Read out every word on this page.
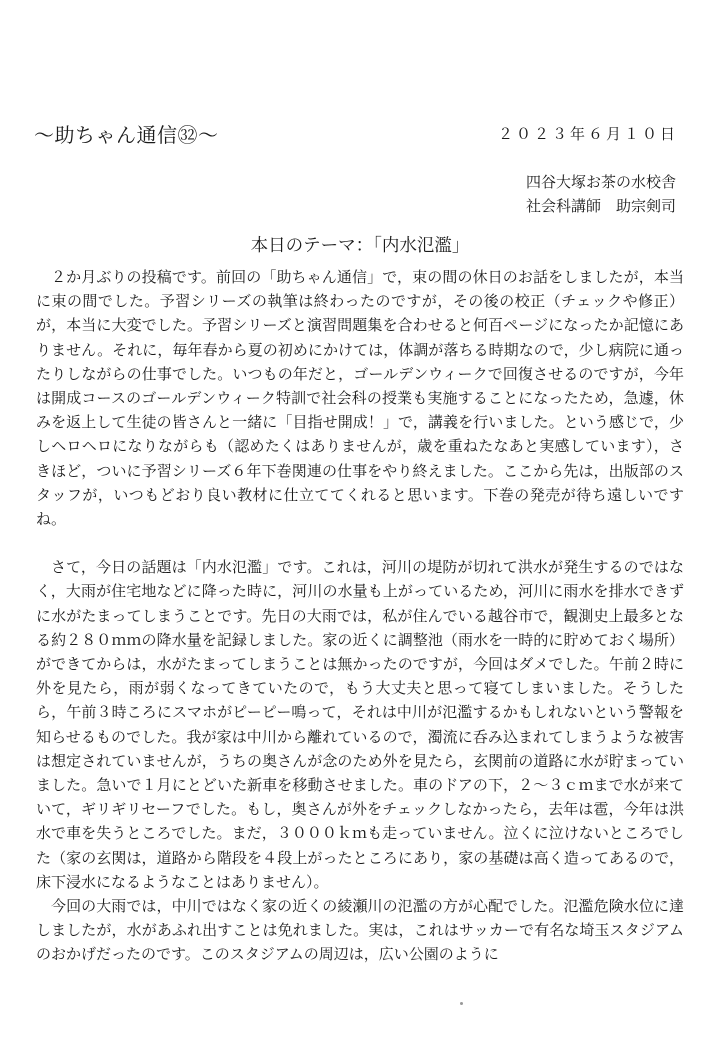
～助ちゃん通信㉜～	２０２３年６月１０日
四谷大塚お茶の水校舎
社会科講師　助宗剣司
本日のテーマ：「内水氾濫」

２か月ぶりの投稿です。前回の「助ちゃん通信」で，束の間の休日のお話をしましたが，本当に束の間でした。予習シリーズの執筆は終わったのですが，その後の校正（チェックや修正）が，本当に大変でした。予習シリーズと演習問題集を合わせると何百ページになったか記憶にありません。それに，毎年春から夏の初めにかけては，体調が落ちる時期なので，少し病院に通ったりしながらの仕事でした。いつもの年だと，ゴールデンウィークで回復させるのですが，今年は開成コースのゴールデンウィーク特訓で社会科の授業も実施することになったため，急遽，休みを返上して生徒の皆さんと一緒に「目指せ開成！」で，講義を行いました。という感じで，少しヘロヘロになりながらも（認めたくはありませんが，歳を重ねたなあと実感しています），さきほど，ついに予習シリーズ６年下巻関連の仕事をやり終えました。ここから先は，出版部のスタッフが，いつもどおり良い教材に仕立ててくれると思います。下巻の発売が待ち遠しいですね。

さて，今日の話題は「内水氾濫」です。これは，河川の堤防が切れて洪水が発生するのではなく，大雨が住宅地などに降った時に，河川の水量も上がっているため，河川に雨水を排水できずに水がたまってしまうことです。先日の大雨では，私が住んでいる越谷市で，観測史上最多となる約２８０ｍｍの降水量を記録しました。家の近くに調整池（雨水を一時的に貯めておく場所）ができてからは，水がたまってしまうことは無かったのですが，今回はダメでした。午前２時に外を見たら，雨が弱くなってきていたので，もう大丈夫と思って寝てしまいました。そうしたら，午前３時ころにスマホがピーピー鳴って，それは中川が氾濫するかもしれないという警報を知らせるものでした。我が家は中川から離れているので，濁流に呑み込まれてしまうような被害は想定されていませんが，うちの奥さんが念のため外を見たら，玄関前の道路に水が貯まっていました。急いで１月にとどいた新車を移動させました。車のドアの下，２～３ｃｍまで水が来ていて，ギリギリセーフでした。もし，奥さんが外をチェックしなかったら，去年は雹，今年は洪水で車を失うところでした。まだ，３０００ｋｍも走っていません。泣くに泣けないところでした（家の玄関は，道路から階段を４段上がったところにあり，家の基礎は高く造ってあるので，床下浸水になるようなことはありません）。

今回の大雨では，中川ではなく家の近くの綾瀬川の氾濫の方が心配でした。氾濫危険水位に達しましたが，水があふれ出すことは免れました。実は，これはサッカーで有名な埼玉スタジアムのおかげだったのです。このスタジアムの周辺は，広い公園のように
